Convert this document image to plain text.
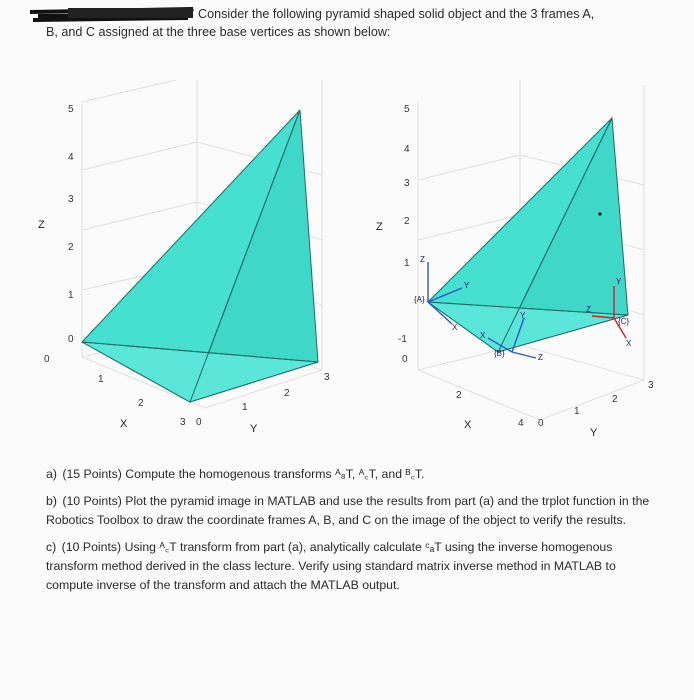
Consider the following pyramid shaped solid object and the 3 frames A,
B, and C assigned at the three base vertices as shown below:
5
4
3
2
1
0
0
Z
1
2
3 0
X
1
2
3
Y
{A}
Z
Y
X
{B}
Y
Z
X
{C}
Y
X
Z
5
4
3
2
1
-1
0
Z
2
4 0
X
1
2
3
Y
a) (15 Points) Compute the homogenous transforms ᴬ₈T, ᴬ꜀T, and ᴮ꜀T.
b) (10 Points) Plot the pyramid image in MATLAB and use the results from part (a) and the trplot function in the Robotics Toolbox to draw the coordinate frames A, B, and C on the image of the object to verify the results.
c) (10 Points) Using ᴬ꜀T transform from part (a), analytically calculate ᶜₐT using the inverse homogenous transform method derived in the class lecture. Verify using standard matrix inverse method in MATLAB to compute inverse of the transform and attach the MATLAB output.
